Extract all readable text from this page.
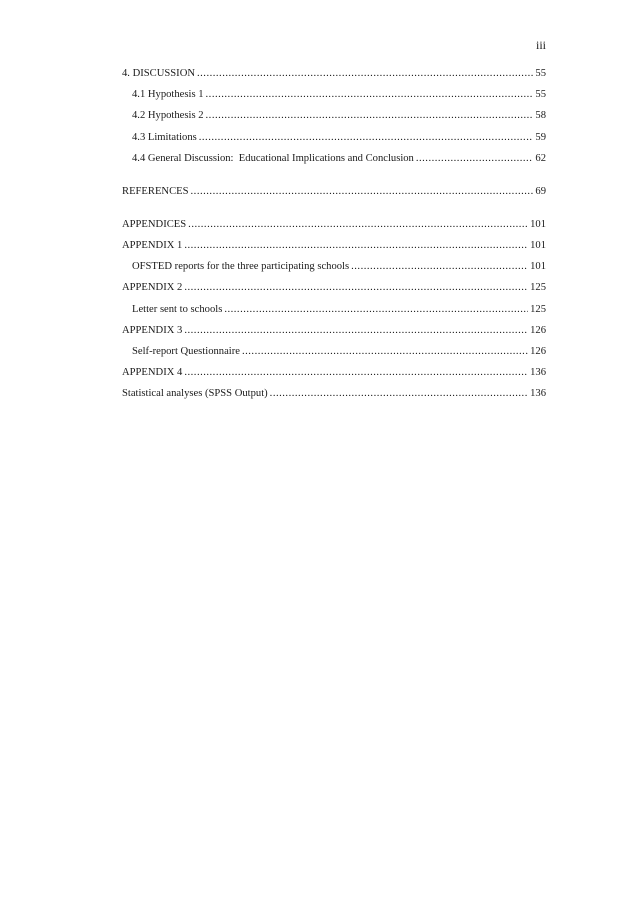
iii
4. DISCUSSION .....	55
4.1 Hypothesis 1 .....	55
4.2 Hypothesis 2 .....	58
4.3 Limitations .....	59
4.4 General Discussion:  Educational Implications and Conclusion .....	62
REFERENCES .....	69
APPENDICES .....	101
APPENDIX 1 .....	101
OFSTED reports for the three participating schools .....	101
APPENDIX 2 .....	125
Letter sent to schools .....	125
APPENDIX 3 .....	126
Self-report Questionnaire .....	126
APPENDIX 4 .....	136
Statistical analyses (SPSS Output) .....	136
